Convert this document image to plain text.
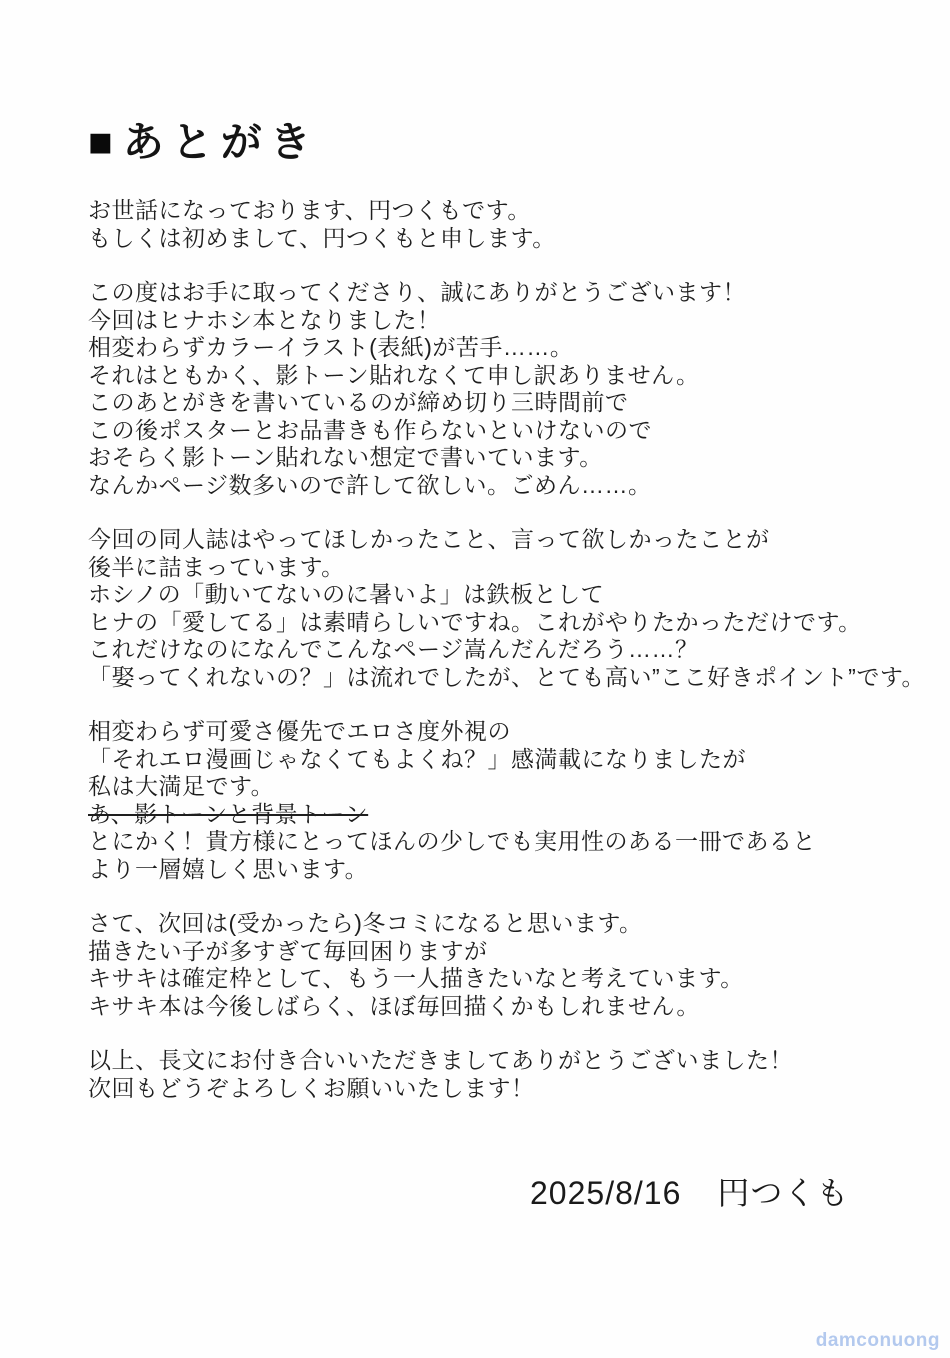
■ あとがき

お世話になっております、円つくもです。
もしくは初めまして、円つくもと申します。

この度はお手に取ってくださり、誠にありがとうございます！
今回はヒナホシ本となりました！
相変わらずカラーイラスト(表紙)が苦手……。
それはともかく、影トーン貼れなくて申し訳ありません。
このあとがきを書いているのが締め切り三時間前で
この後ポスターとお品書きも作らないといけないので
おそらく影トーン貼れない想定で書いています。
なんかページ数多いので許して欲しい。ごめん……。

今回の同人誌はやってほしかったこと、言って欲しかったことが
後半に詰まっています。
ホシノの「動いてないのに暑いよ」は鉄板として
ヒナの「愛してる」は素晴らしいですね。これがやりたかっただけです。
これだけなのになんでこんなページ嵩んだんだろう……？
「娶ってくれないの？」は流れでしたが、とても高い”ここ好きポイント”です。

相変わらず可愛さ優先でエロさ度外視の
「それエロ漫画じゃなくてもよくね？」感満載になりましたが
私は大満足です。
あ、影トーンと背景トーン
とにかく！貴方様にとってほんの少しでも実用性のある一冊であると
より一層嬉しく思います。

さて、次回は(受かったら)冬コミになると思います。
描きたい子が多すぎて毎回困りますが
キサキは確定枠として、もう一人描きたいなと考えています。
キサキ本は今後しばらく、ほぼ毎回描くかもしれません。

以上、長文にお付き合いいただきましてありがとうございました！
次回もどうぞよろしくお願いいたします！

2025/8/16 円つくも
damconuong
